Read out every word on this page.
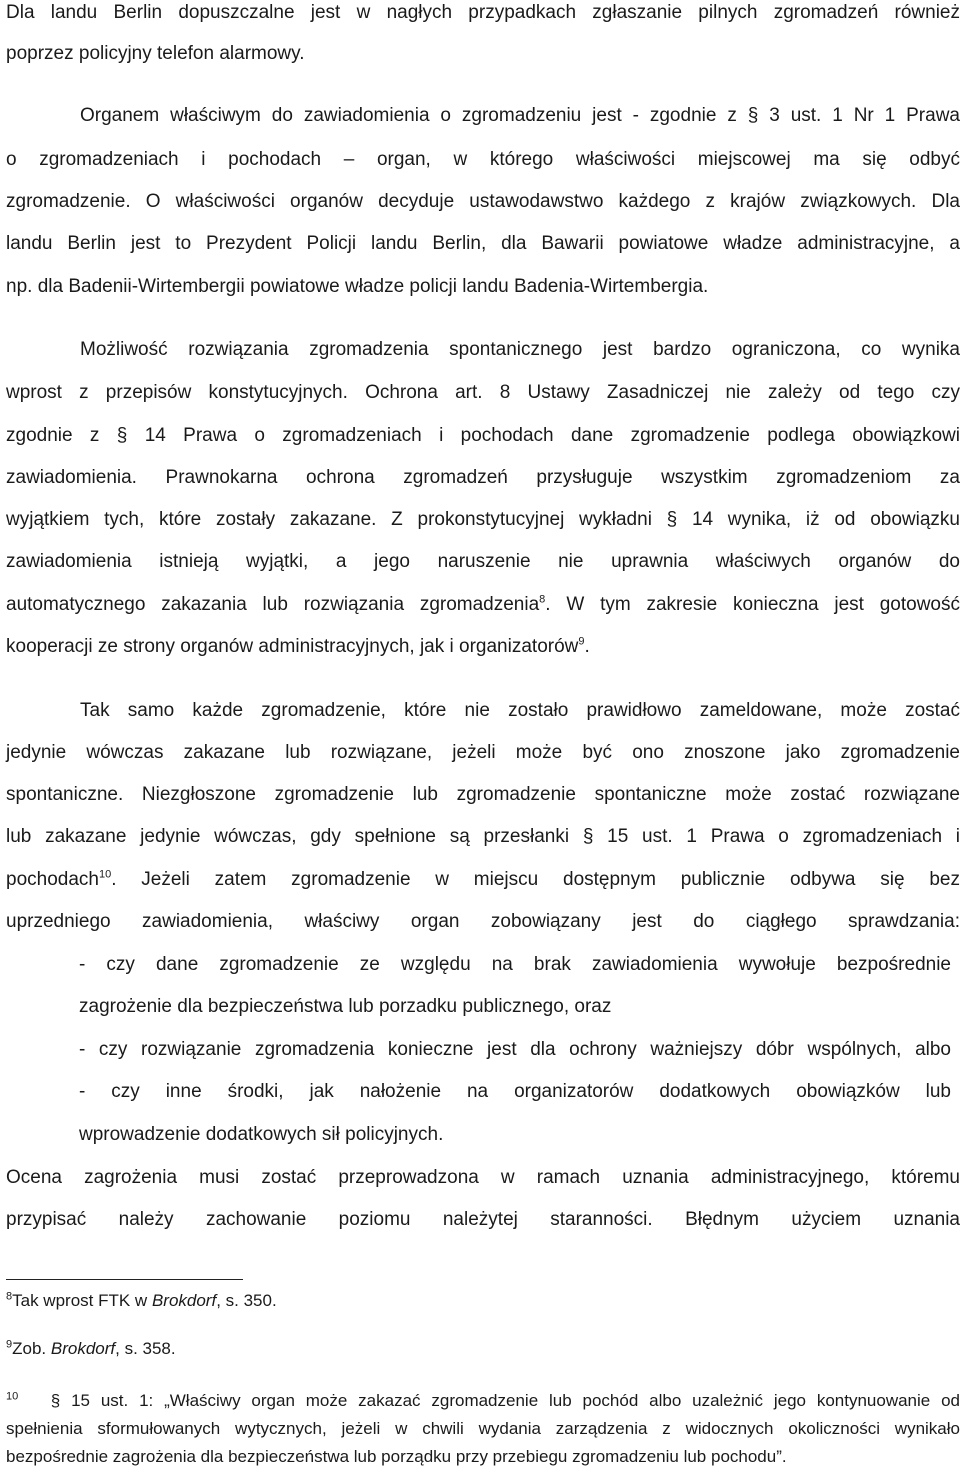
Dla landu Berlin dopuszczalne jest w nagłych przypadkach zgłaszanie pilnych zgromadzeń również
poprzez policyjny telefon alarmowy.
Organem właściwym do zawiadomienia o zgromadzeniu jest - zgodnie z § 3 ust. 1 Nr 1 Prawa
o zgromadzeniach i pochodach – organ, w którego właściwości miejscowej ma się odbyć
zgromadzenie. O właściwości organów decyduje ustawodawstwo każdego z krajów związkowych. Dla
landu Berlin jest to Prezydent Policji landu Berlin, dla Bawarii powiatowe władze administracyjne, a
np. dla Badenii-Wirtembergii powiatowe władze policji landu Badenia-Wirtembergia.
Możliwość rozwiązania zgromadzenia spontanicznego jest bardzo ograniczona, co wynika
wprost z przepisów konstytucyjnych. Ochrona art. 8 Ustawy Zasadniczej nie zależy od tego czy
zgodnie z § 14 Prawa o zgromadzeniach i pochodach dane zgromadzenie podlega obowiązkowi
zawiadomienia. Prawnokarna ochrona zgromadzeń przysługuje wszystkim zgromadzeniom za
wyjątkiem tych, które zostały zakazane. Z prokonstytucyjnej wykładni § 14 wynika, iż od obowiązku
zawiadomienia istnieją wyjątki, a jego naruszenie nie uprawnia właściwych organów do
automatycznego zakazania lub rozwiązania zgromadzenia$^8$. W tym zakresie konieczna jest gotowość
kooperacji ze strony organów administracyjnych, jak i organizatorów$^9$.
Tak samo każde zgromadzenie, które nie zostało prawidłowo zameldowane, może zostać
jedynie wówczas zakazane lub rozwiązane, jeżeli może być ono znoszone jako zgromadzenie
spontaniczne. Niezgłoszone zgromadzenie lub zgromadzenie spontaniczne może zostać rozwiązane
lub zakazane jedynie wówczas, gdy spełnione są przesłanki § 15 ust. 1 Prawa o zgromadzeniach i
pochodach$^{10}$. Jeżeli zatem zgromadzenie w miejscu dostępnym publicznie odbywa się bez
uprzedniego zawiadomienia, właściwy organ zobowiązany jest do ciągłego sprawdzania:
- czy dane zgromadzenie ze względu na brak zawiadomienia wywołuje bezpośrednie
zagrożenie dla bezpieczeństwa lub porzadku publicznego, oraz
- czy rozwiązanie zgromadzenia konieczne jest dla ochrony ważniejszy dóbr wspólnych, albo
- czy inne środki, jak nałożenie na organizatorów dodatkowych obowiązków lub
wprowadzenie dodatkowych sił policyjnych.
Ocena zagrożenia musi zostać przeprowadzona w ramach uznania administracyjnego, któremu
przypisać należy zachowanie poziomu należytej staranności. Błędnym użyciem uznania
$^8$Tak wprost FTK w Brokdorf, s. 350.
$^9$Zob. Brokdorf, s. 358.
$^{10}$ § 15 ust. 1: „Właściwy organ może zakazać zgromadzenie lub pochód albo uzależnić jego kontynuowanie od
spełnienia sformułowanych wytycznych, jeżeli w chwili wydania zarządzenia z widocznych okoliczności wynikało
bezpośrednie zagrożenia dla bezpieczeństwa lub porządku przy przebiegu zgromadzeniu lub pochodu”.
